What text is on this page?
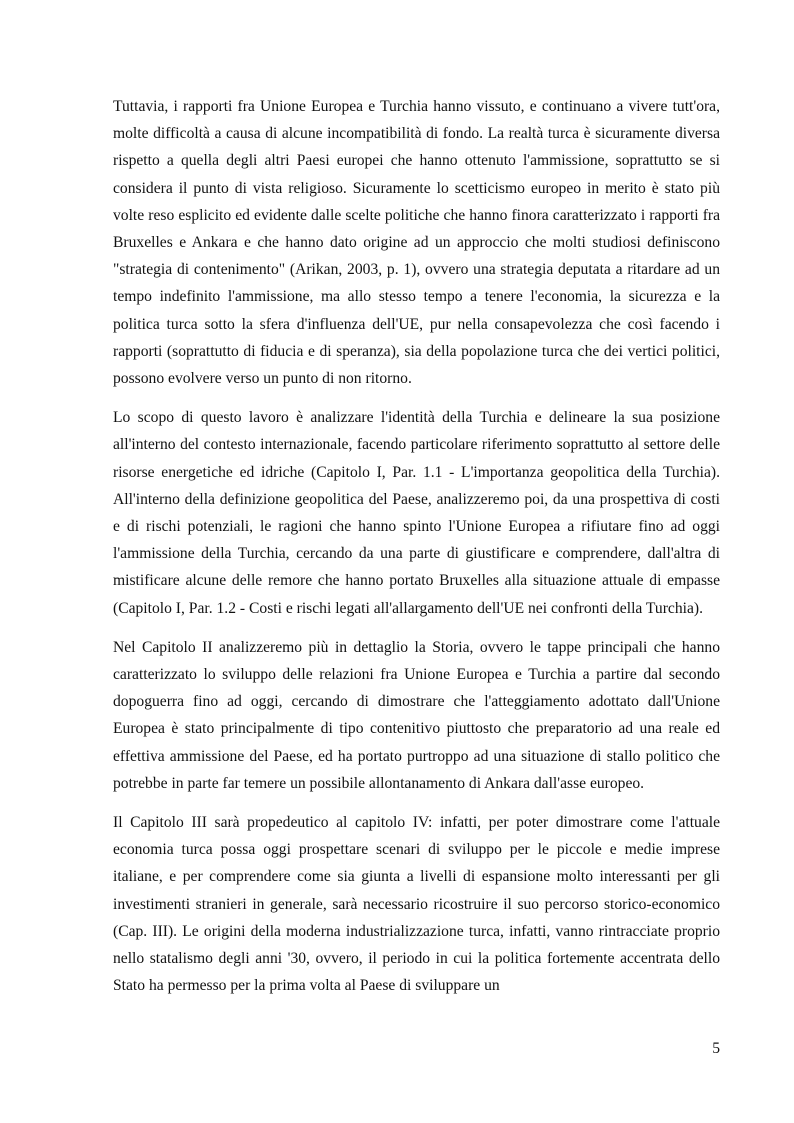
Tuttavia, i rapporti fra Unione Europea e Turchia hanno vissuto, e continuano a vivere tutt'ora, molte difficoltà a causa di alcune incompatibilità di fondo. La realtà turca è sicuramente diversa rispetto a quella degli altri Paesi europei che hanno ottenuto l'ammissione, soprattutto se si considera il punto di vista religioso. Sicuramente lo scetticismo europeo in merito è stato più volte reso esplicito ed evidente dalle scelte politiche che hanno finora caratterizzato i rapporti fra Bruxelles e Ankara e che hanno dato origine ad un approccio che molti studiosi definiscono "strategia di contenimento" (Arikan, 2003, p. 1), ovvero una strategia deputata a ritardare ad un tempo indefinito l'ammissione, ma allo stesso tempo a tenere l'economia, la sicurezza e la politica turca sotto la sfera d'influenza dell'UE, pur nella consapevolezza che così facendo i rapporti (soprattutto di fiducia e di speranza), sia della popolazione turca che dei vertici politici, possono evolvere verso un punto di non ritorno.

Lo scopo di questo lavoro è analizzare l'identità della Turchia e delineare la sua posizione all'interno del contesto internazionale, facendo particolare riferimento soprattutto al settore delle risorse energetiche ed idriche (Capitolo I, Par. 1.1 - L'importanza geopolitica della Turchia). All'interno della definizione geopolitica del Paese, analizzeremo poi, da una prospettiva di costi e di rischi potenziali, le ragioni che hanno spinto l'Unione Europea a rifiutare fino ad oggi l'ammissione della Turchia, cercando da una parte di giustificare e comprendere, dall'altra di mistificare alcune delle remore che hanno portato Bruxelles alla situazione attuale di empasse (Capitolo I, Par. 1.2 - Costi e rischi legati all'allargamento dell'UE nei confronti della Turchia).

Nel Capitolo II analizzeremo più in dettaglio la Storia, ovvero le tappe principali che hanno caratterizzato lo sviluppo delle relazioni fra Unione Europea e Turchia a partire dal secondo dopoguerra fino ad oggi, cercando di dimostrare che l'atteggiamento adottato dall'Unione Europea è stato principalmente di tipo contenitivo piuttosto che preparatorio ad una reale ed effettiva ammissione del Paese, ed ha portato purtroppo ad una situazione di stallo politico che potrebbe in parte far temere un possibile allontanamento di Ankara dall'asse europeo.

Il Capitolo III sarà propedeutico al capitolo IV: infatti, per poter dimostrare come l'attuale economia turca possa oggi prospettare scenari di sviluppo per le piccole e medie imprese italiane, e per comprendere come sia giunta a livelli di espansione molto interessanti per gli investimenti stranieri in generale, sarà necessario ricostruire il suo percorso storico-economico (Cap. III). Le origini della moderna industrializzazione turca, infatti, vanno rintracciate proprio nello statalismo degli anni '30, ovvero, il periodo in cui la politica fortemente accentrata dello Stato ha permesso per la prima volta al Paese di sviluppare un

5
